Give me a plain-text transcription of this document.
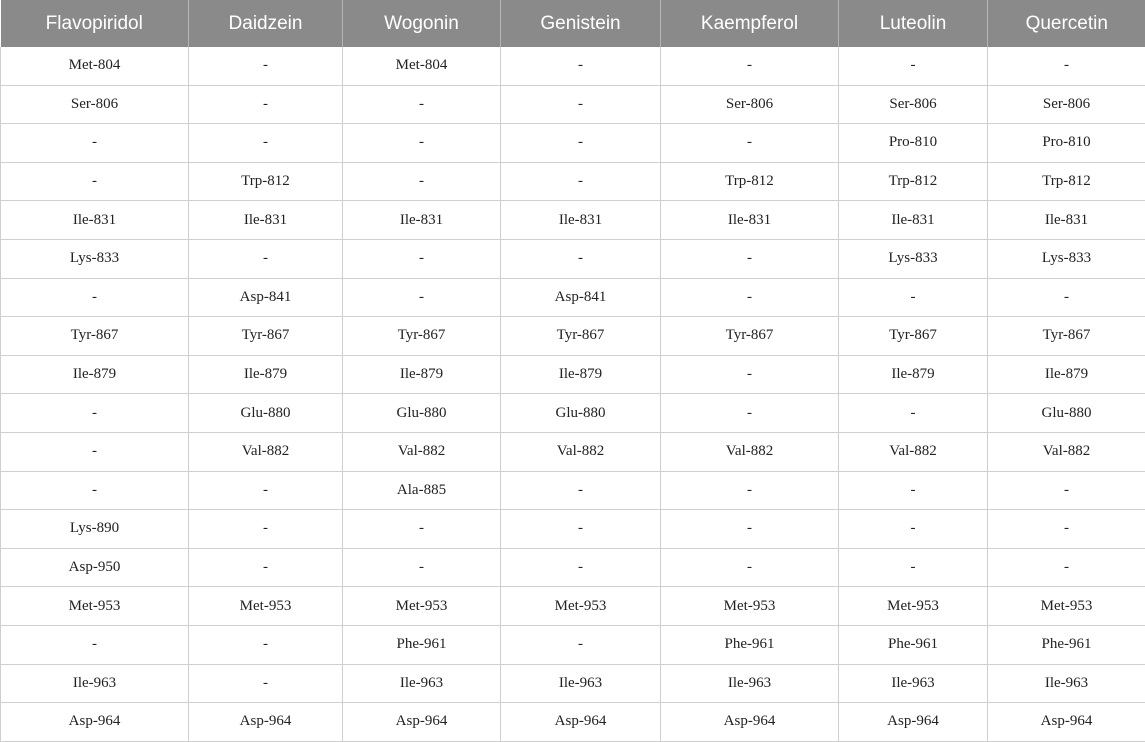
Flavopiridol	Daidzein	Wogonin	Genistein	Kaempferol	Luteolin	Quercetin
Met-804	-	Met-804	-	-	-	-
Ser-806	-	-	-	Ser-806	Ser-806	Ser-806
-	-	-	-	-	Pro-810	Pro-810
-	Trp-812	-	-	Trp-812	Trp-812	Trp-812
Ile-831	Ile-831	Ile-831	Ile-831	Ile-831	Ile-831	Ile-831
Lys-833	-	-	-	-	Lys-833	Lys-833
-	Asp-841	-	Asp-841	-	-	-
Tyr-867	Tyr-867	Tyr-867	Tyr-867	Tyr-867	Tyr-867	Tyr-867
Ile-879	Ile-879	Ile-879	Ile-879	-	Ile-879	Ile-879
-	Glu-880	Glu-880	Glu-880	-	-	Glu-880
-	Val-882	Val-882	Val-882	Val-882	Val-882	Val-882
-	-	Ala-885	-	-	-	-
Lys-890	-	-	-	-	-	-
Asp-950	-	-	-	-	-	-
Met-953	Met-953	Met-953	Met-953	Met-953	Met-953	Met-953
-	-	Phe-961	-	Phe-961	Phe-961	Phe-961
Ile-963	-	Ile-963	Ile-963	Ile-963	Ile-963	Ile-963
Asp-964	Asp-964	Asp-964	Asp-964	Asp-964	Asp-964	Asp-964
